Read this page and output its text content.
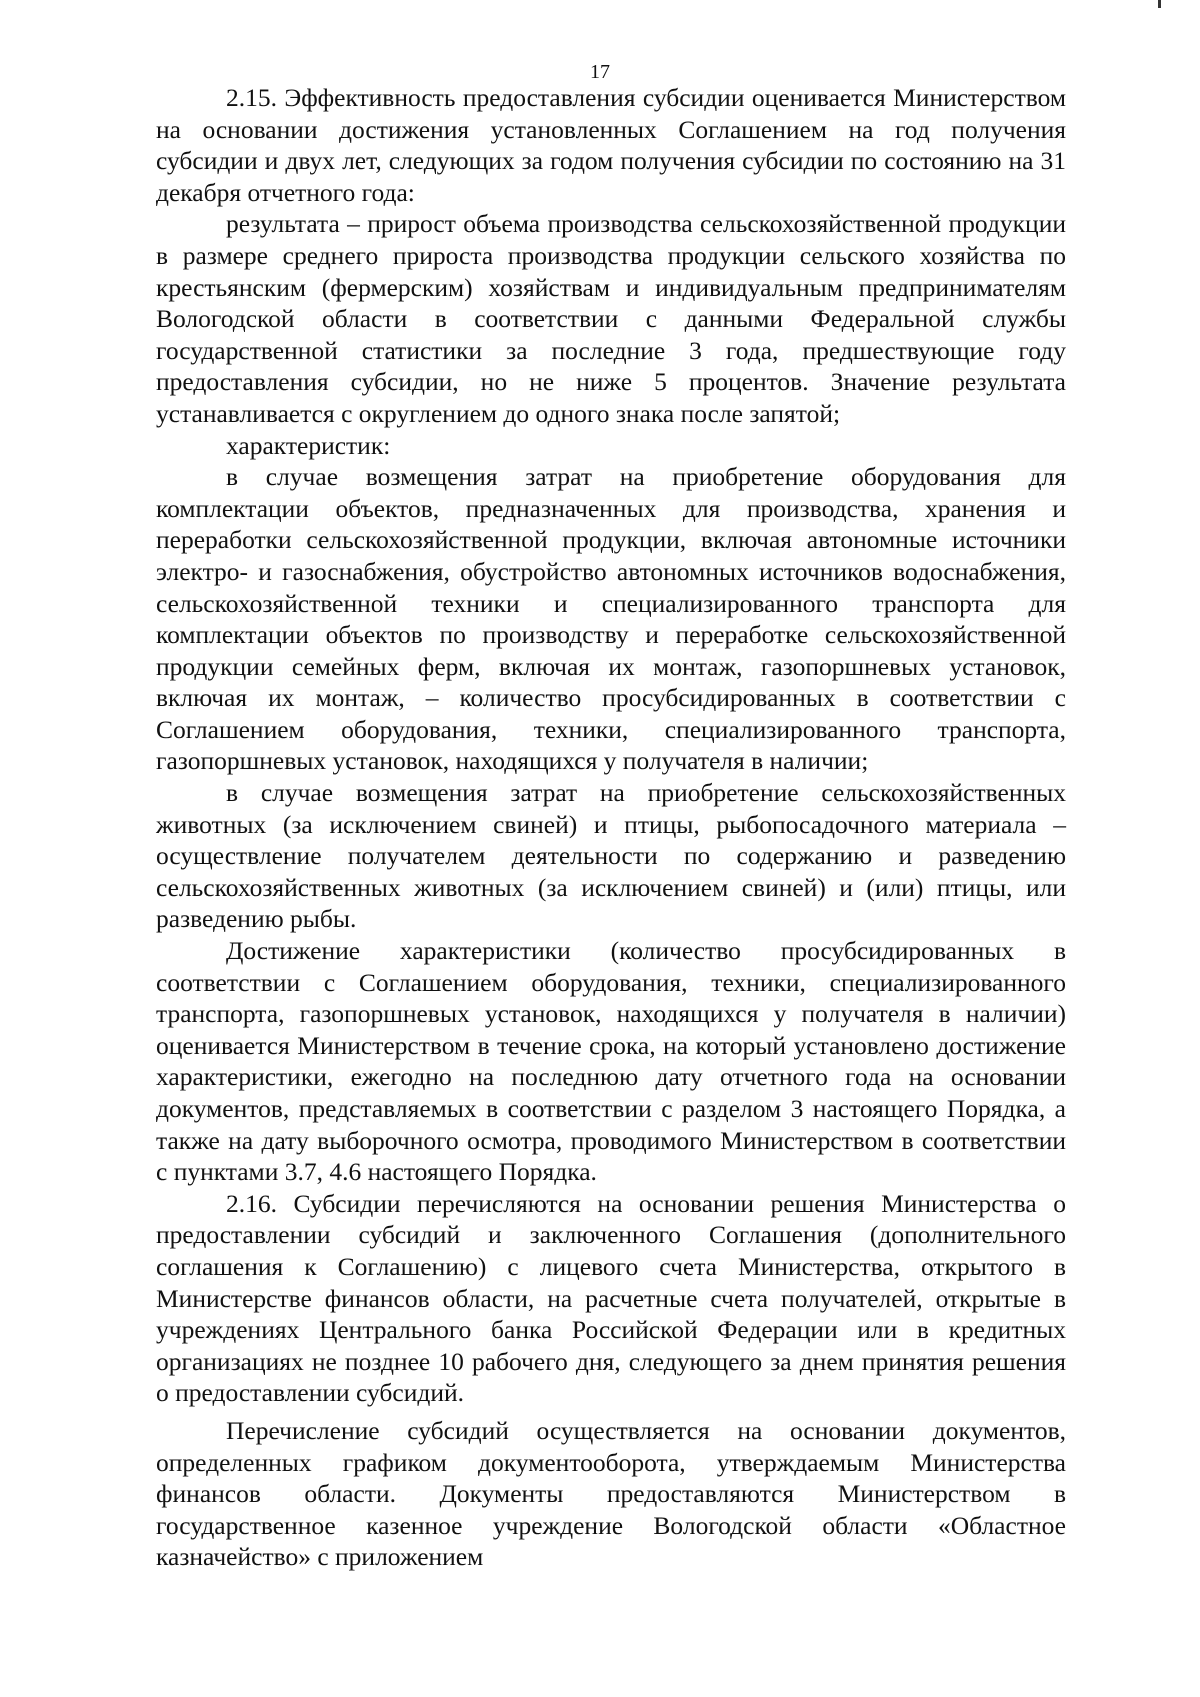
17

2.15. Эффективность предоставления субсидии оценивается Министерством на основании достижения установленных Соглашением на год получения субсидии и двух лет, следующих за годом получения субсидии по состоянию на 31 декабря отчетного года:

результата – прирост объема производства сельскохозяйственной продукции в размере среднего прироста производства продукции сельского хозяйства по крестьянским (фермерским) хозяйствам и индивидуальным предпринимателям Вологодской области в соответствии с данными Федеральной службы государственной статистики за последние 3 года, предшествующие году предоставления субсидии, но не ниже 5 процентов. Значение результата устанавливается с округлением до одного знака после запятой;

характеристик:

в случае возмещения затрат на приобретение оборудования для комплектации объектов, предназначенных для производства, хранения и переработки сельскохозяйственной продукции, включая автономные источники электро- и газоснабжения, обустройство автономных источников водоснабжения, сельскохозяйственной техники и специализированного транспорта для комплектации объектов по производству и переработке сельскохозяйственной продукции семейных ферм, включая их монтаж, газопоршневых установок, включая их монтаж, – количество просубсидированных в соответствии с Соглашением оборудования, техники, специализированного транспорта, газопоршневых установок, находящихся у получателя в наличии;

в случае возмещения затрат на приобретение сельскохозяйственных животных (за исключением свиней) и птицы, рыбопосадочного материала – осуществление получателем деятельности по содержанию и разведению сельскохозяйственных животных (за исключением свиней) и (или) птицы, или разведению рыбы.

Достижение характеристики (количество просубсидированных в соответствии с Соглашением оборудования, техники, специализированного транспорта, газопоршневых установок, находящихся у получателя в наличии) оценивается Министерством в течение срока, на который установлено достижение характеристики, ежегодно на последнюю дату отчетного года на основании документов, представляемых в соответствии с разделом 3 настоящего Порядка, а также на дату выборочного осмотра, проводимого Министерством в соответствии с пунктами 3.7, 4.6 настоящего Порядка.

2.16. Субсидии перечисляются на основании решения Министерства о предоставлении субсидий и заключенного Соглашения (дополнительного соглашения к Соглашению) с лицевого счета Министерства, открытого в Министерстве финансов области, на расчетные счета получателей, открытые в учреждениях Центрального банка Российской Федерации или в кредитных организациях не позднее 10 рабочего дня, следующего за днем принятия решения о предоставлении субсидий.

Перечисление субсидий осуществляется на основании документов, определенных графиком документооборота, утверждаемым Министерства финансов области. Документы предоставляются Министерством в государственное казенное учреждение Вологодской области «Областное казначейство» с приложением
